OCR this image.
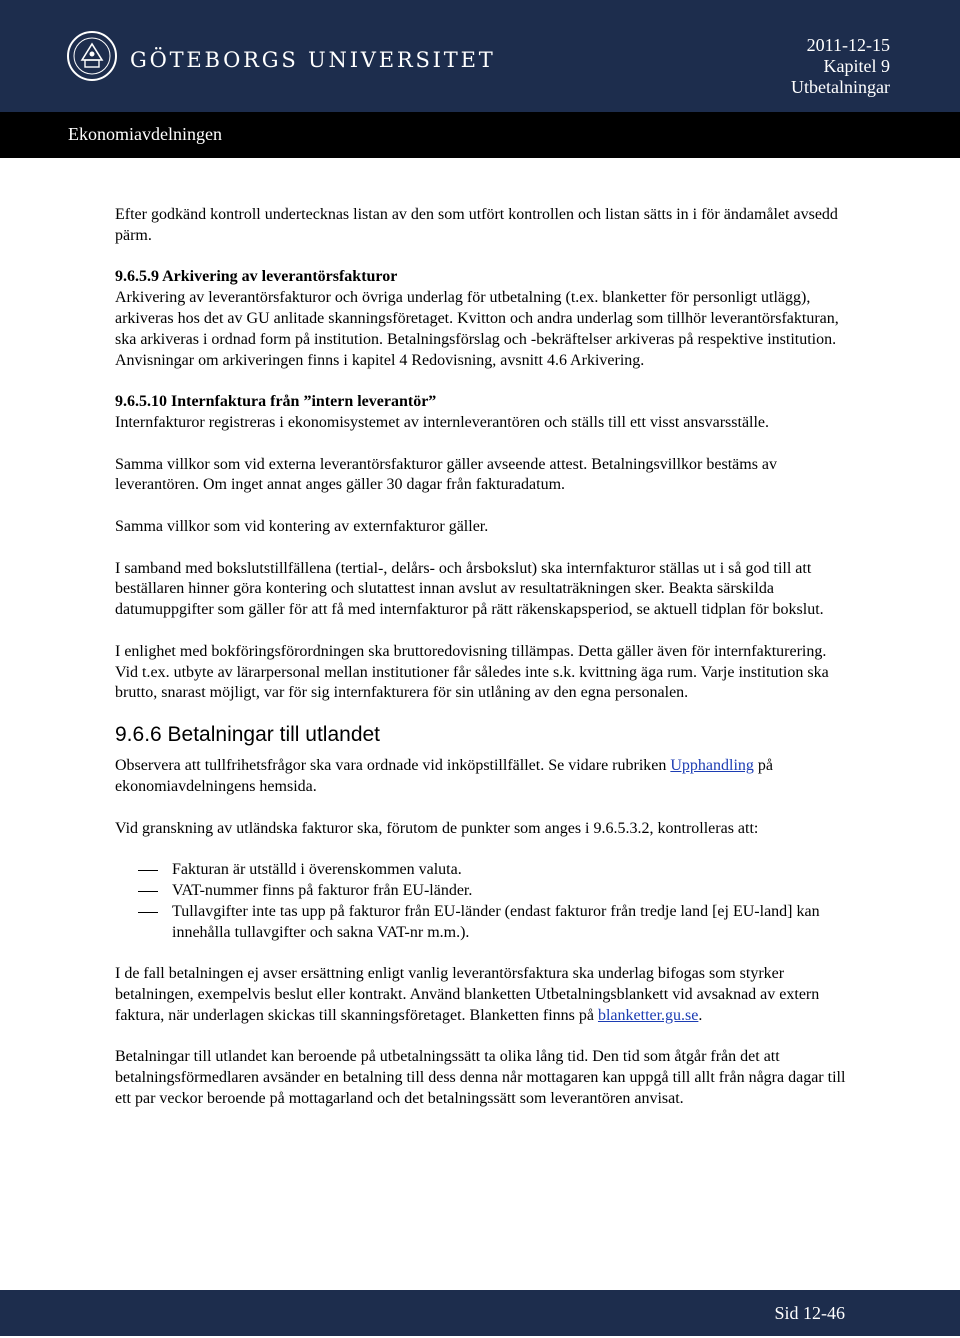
GÖTEBORGS UNIVERSITET
2011-12-15
Kapitel 9
Utbetalningar
Ekonomiavdelningen

Efter godkänd kontroll undertecknas listan av den som utfört kontrollen och listan sätts in i för ändamålet avsedd pärm.

9.6.5.9 Arkivering av leverantörsfakturor

Arkivering av leverantörsfakturor och övriga underlag för utbetalning (t.ex. blanketter för personligt utlägg), arkiveras hos det av GU anlitade skanningsföretaget. Kvitton och andra underlag som tillhör leverantörsfakturan, ska arkiveras i ordnad form på institution. Betalningsförslag och -bekräftelser arkiveras på respektive institution. Anvisningar om arkiveringen finns i kapitel 4 Redovisning, avsnitt 4.6 Arkivering.

9.6.5.10 Internfaktura från ”intern leverantör”

Internfakturor registreras i ekonomisystemet av internleverantören och ställs till ett visst ansvarsställe.

Samma villkor som vid externa leverantörsfakturor gäller avseende attest. Betalningsvillkor bestäms av leverantören. Om inget annat anges gäller 30 dagar från fakturadatum.

Samma villkor som vid kontering av externfakturor gäller.

I samband med bokslutstillfällena (tertial-, delårs- och årsbokslut) ska internfakturor ställas ut i så god till att beställaren hinner göra kontering och slutattest innan avslut av resultaträkningen sker. Beakta särskilda datumuppgifter som gäller för att få med internfakturor på rätt räkenskapsperiod, se aktuell tidplan för bokslut.

I enlighet med bokföringsförordningen ska bruttoredovisning tillämpas. Detta gäller även för internfakturering. Vid t.ex. utbyte av lärarpersonal mellan institutioner får således inte s.k. kvittning äga rum. Varje institution ska brutto, snarast möjligt, var för sig internfakturera för sin utlåning av den egna personalen.

9.6.6 Betalningar till utlandet

Observera att tullfrihetsfrågor ska vara ordnade vid inköpstillfället. Se vidare rubriken Upphandling på ekonomiavdelningens hemsida.

Vid granskning av utländska fakturor ska, förutom de punkter som anges i 9.6.5.3.2, kontrolleras att:

Fakturan är utställd i överenskommen valuta.
VAT-nummer finns på fakturor från EU-länder.
Tullavgifter inte tas upp på fakturor från EU-länder (endast fakturor från tredje land [ej EU-land] kan innehålla tullavgifter och sakna VAT-nr m.m.).

I de fall betalningen ej avser ersättning enligt vanlig leverantörsfaktura ska underlag bifogas som styrker betalningen, exempelvis beslut eller kontrakt. Använd blanketten Utbetalningsblankett vid avsaknad av extern faktura, när underlagen skickas till skanningsföretaget. Blanketten finns på blanketter.gu.se.

Betalningar till utlandet kan beroende på utbetalningssätt ta olika lång tid. Den tid som åtgår från det att betalningsförmedlaren avsänder en betalning till dess denna når mottagaren kan uppgå till allt från några dagar till ett par veckor beroende på mottagarland och det betalningssätt som leverantören anvisat.

Sid 12-46
